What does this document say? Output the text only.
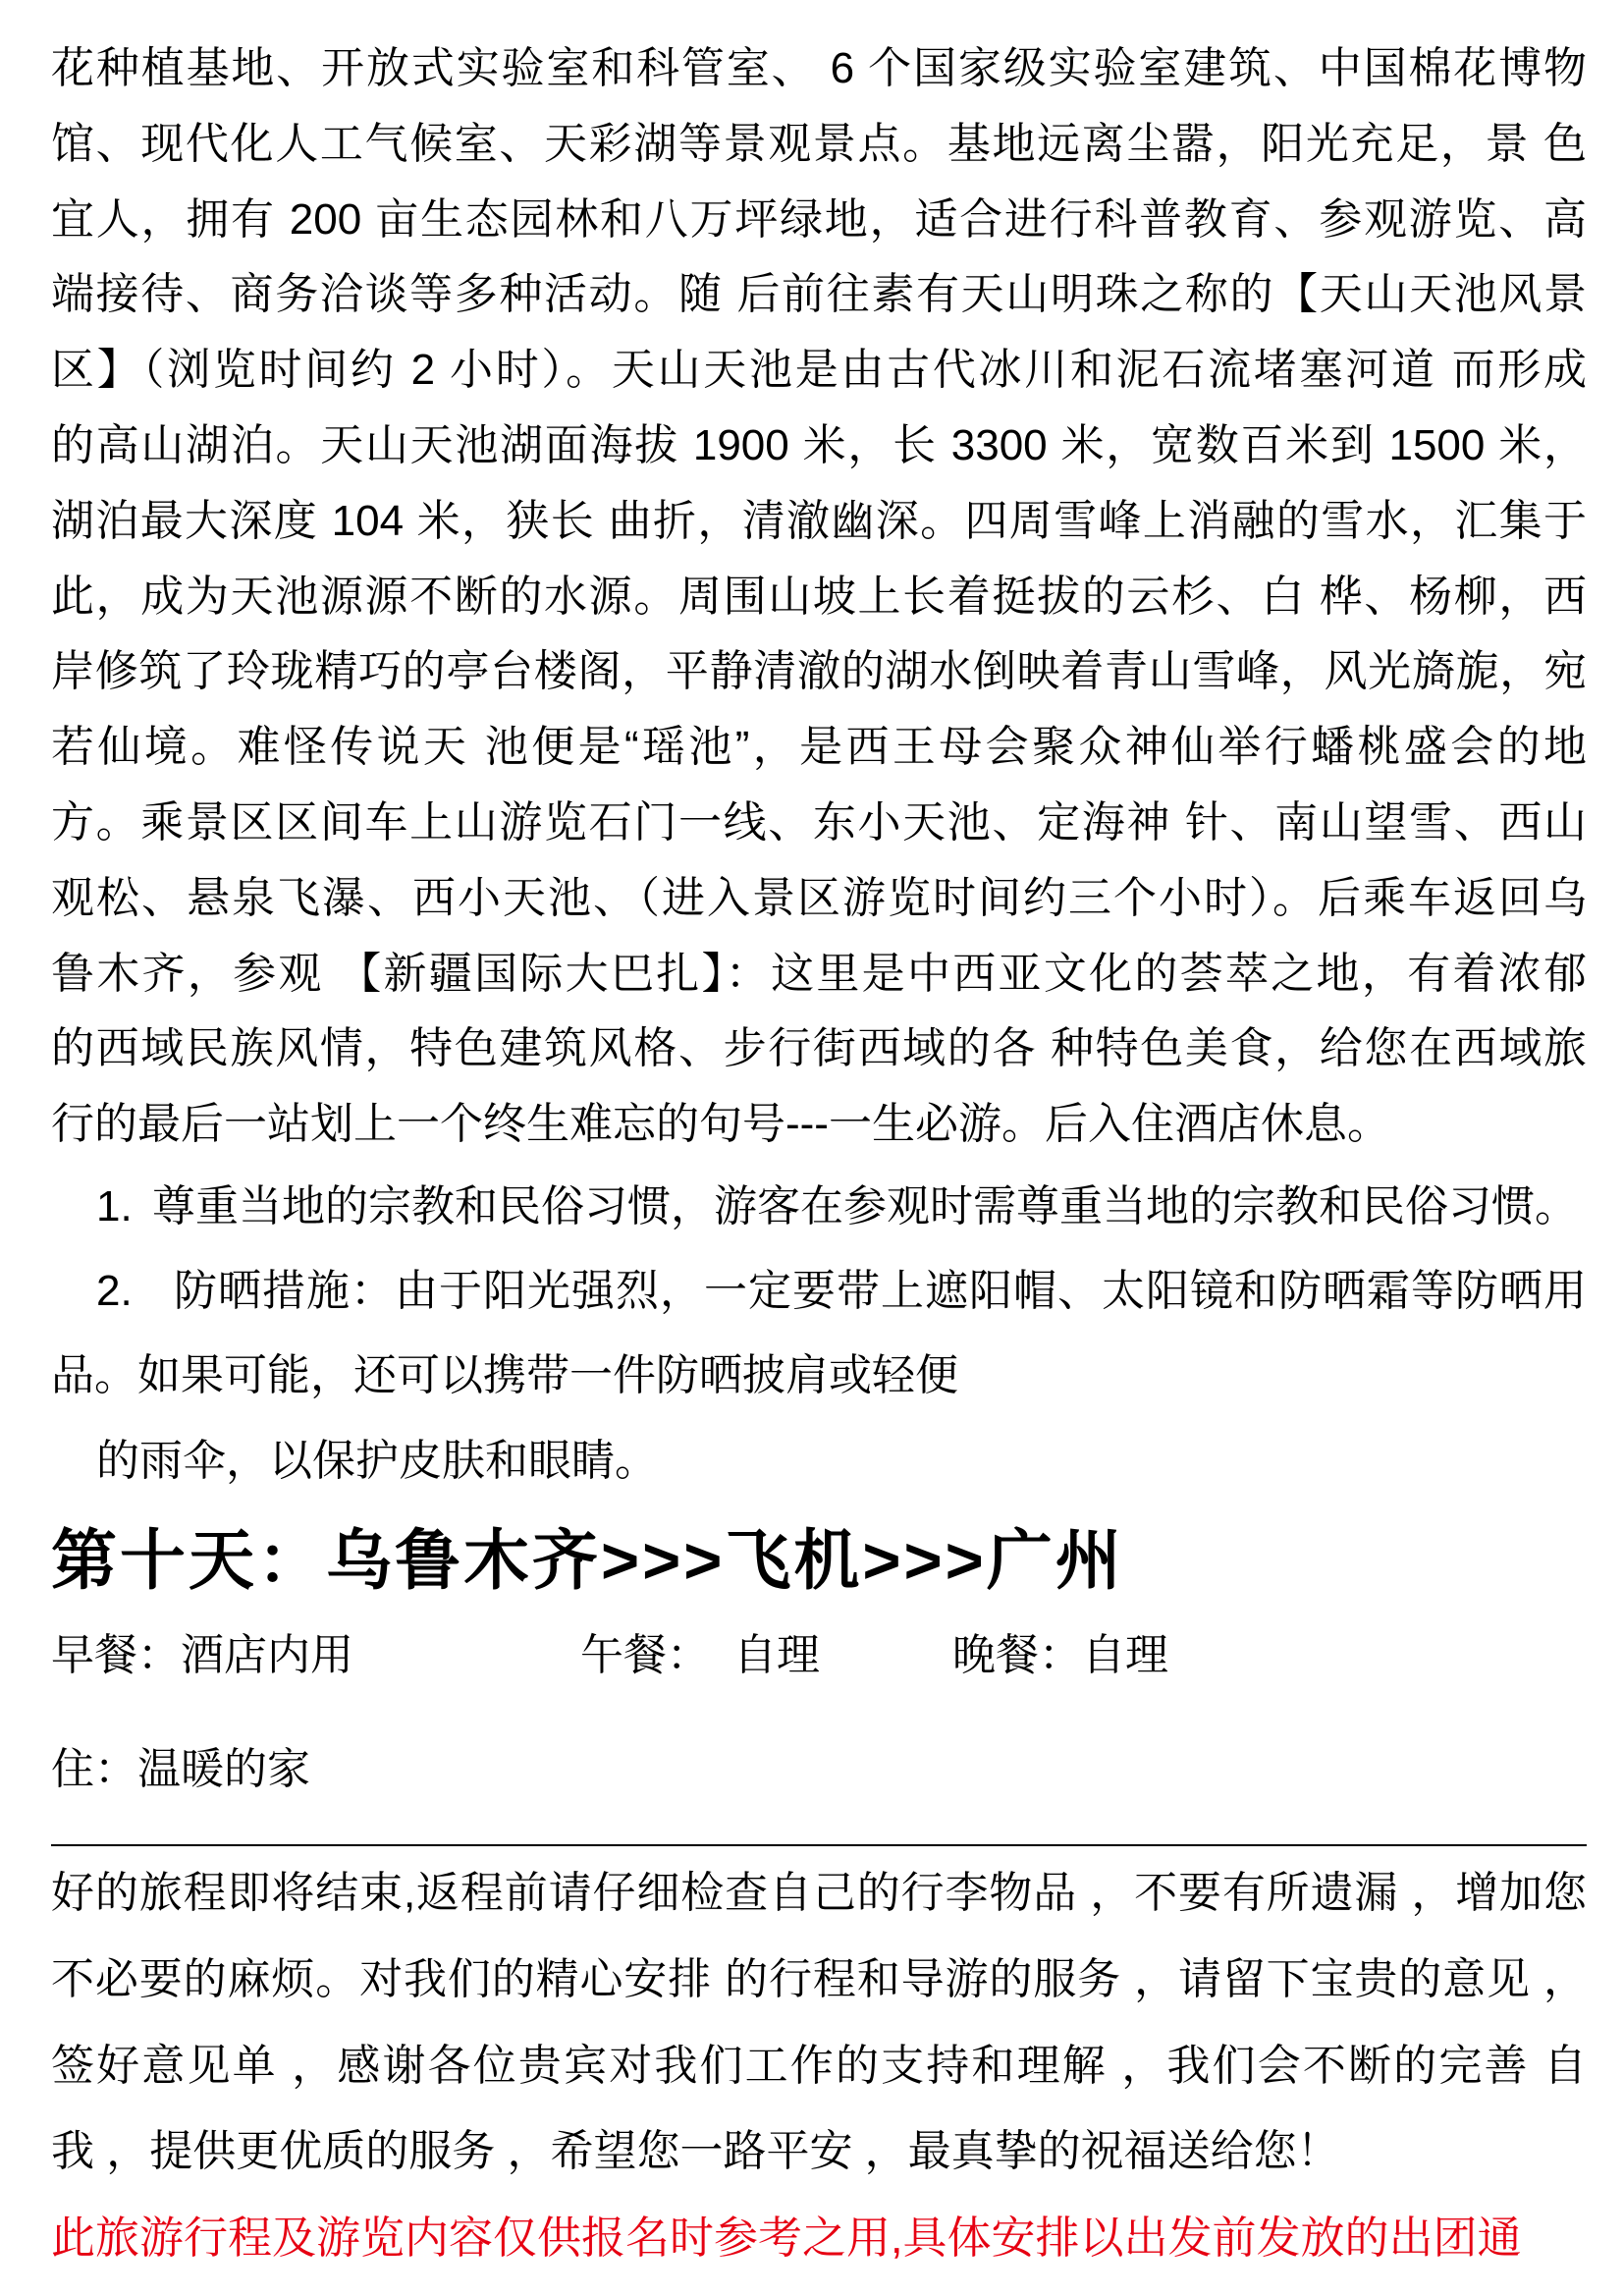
花种植基地、开放式实验室和科管室、 6 个国家级实验室建筑、中国棉花博物
馆、现代化人工气候室、天彩湖等景观景点。基地远离尘嚣，阳光充足，景 色
宜人，拥有 200 亩生态园林和八万坪绿地，适合进行科普教育、参观游览、高
端接待、商务洽谈等多种活动。随 后前往素有天山明珠之称的【天山天池风景
区】（浏览时间约 2 小时）。天山天池是由古代冰川和泥石流堵塞河道 而形成
的高山湖泊。天山天池湖面海拔 1900 米，长 3300 米，宽数百米到 1500 米，
湖泊最大深度 104 米，狭长 曲折，清澈幽深。四周雪峰上消融的雪水，汇集于
此，成为天池源源不断的水源。周围山坡上长着挺拔的云杉、白 桦、杨柳，西
岸修筑了玲珑精巧的亭台楼阁，平静清澈的湖水倒映着青山雪峰，风光旖旎，宛
若仙境。难怪传说天 池便是“瑶池”，是西王母会聚众神仙举行蟠桃盛会的地
方。乘景区区间车上山游览石门一线、东小天池、定海神 针、南山望雪、西山
观松、悬泉飞瀑、西小天池、（进入景区游览时间约三个小时）。后乘车返回乌
鲁木齐，参观 【新疆国际大巴扎】：这里是中西亚文化的荟萃之地，有着浓郁
的西域民族风情，特色建筑风格、步行街西域的各 种特色美食，给您在西域旅
行的最后一站划上一个终生难忘的句号---一生必游。后入住酒店休息。
1. 尊重当地的宗教和民俗习惯，游客在参观时需尊重当地的宗教和民俗习惯。
2. 防晒措施：由于阳光强烈，一定要带上遮阳帽、太阳镜和防晒霜等防晒用
品。如果可能，还可以携带一件防晒披肩或轻便
的雨伞，以保护皮肤和眼睛。
第十天：乌鲁木齐>>>飞机>>>广州
早餐：酒店内用	午餐： 自理	晚餐：自理
住：温暖的家
好的旅程即将结束,返程前请仔细检查自己的行李物品 ，不要有所遗漏 ，增加您
不必要的麻烦。对我们的精心安排 的行程和导游的服务 ，请留下宝贵的意见 ，
签好意见单 ，感谢各位贵宾对我们工作的支持和理解 ，我们会不断的完善 自
我 ，提供更优质的服务 ，希望您一路平安 ，最真挚的祝福送给您！
此旅游行程及游览内容仅供报名时参考之用,具体安排以出发前发放的出团通
